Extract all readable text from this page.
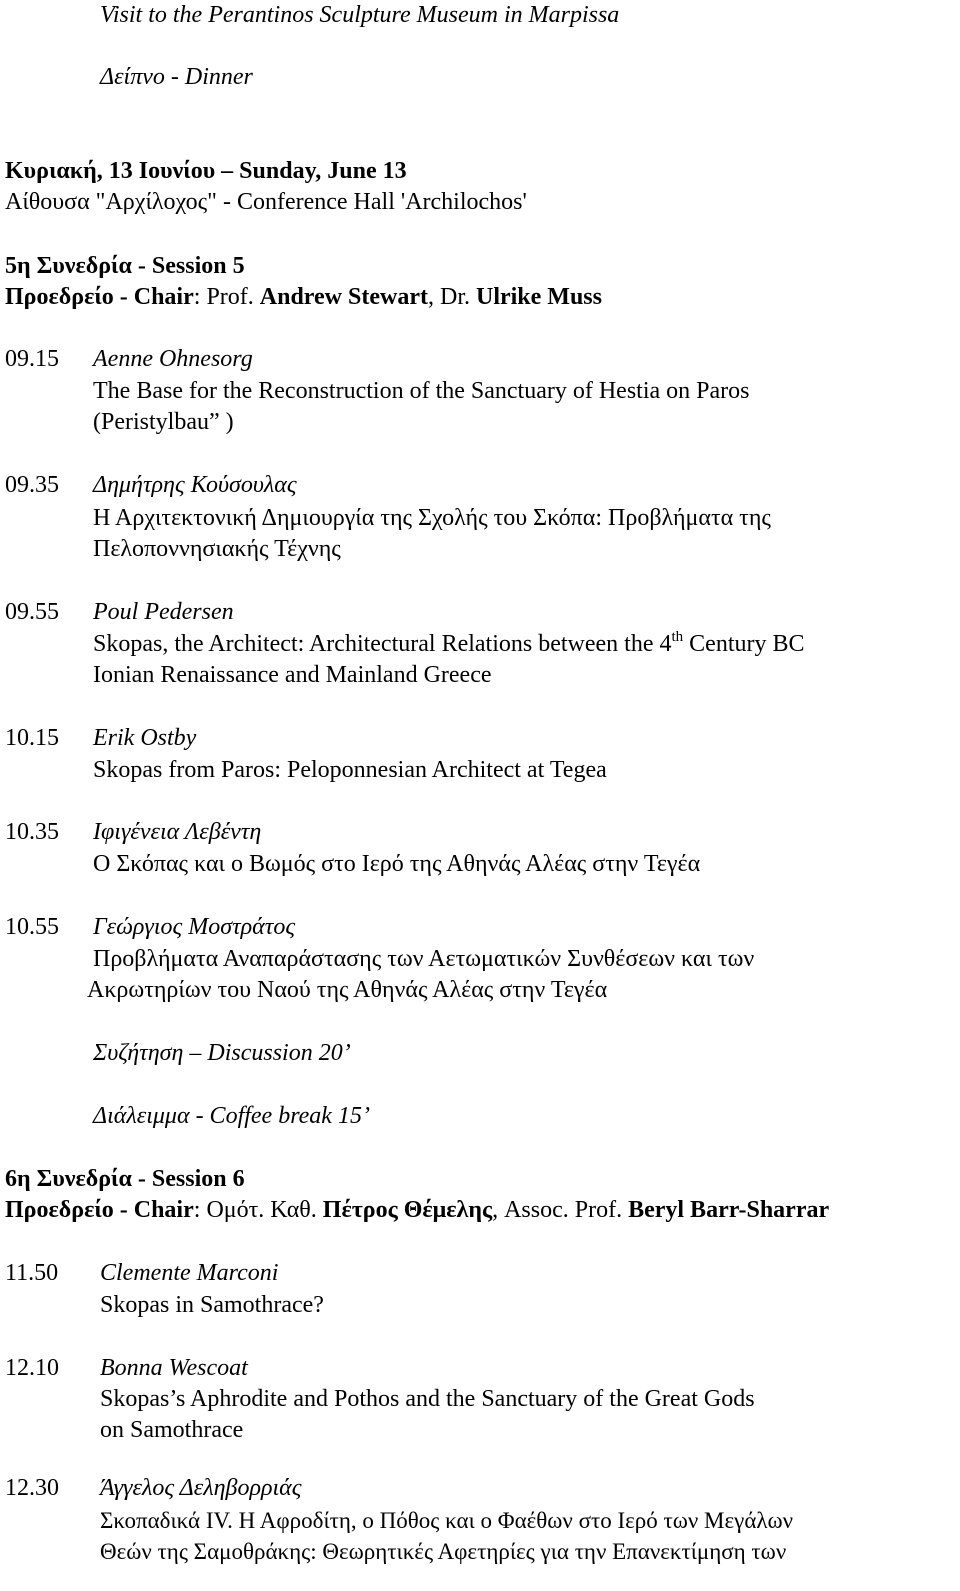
Visit to the Perantinos Sculpture Museum in Marpissa
Δείπνο - Dinner
Κυριακή, 13 Ιουνίου – Sunday, June 13
Αίθουσα "Αρχίλοχος" - Conference Hall 'Archilochos'
5η Συνεδρία - Session 5
Προεδρείο - Chair: Prof. Andrew Stewart, Dr. Ulrike Muss
09.15 Aenne Ohnesorg
The Base for the Reconstruction of the Sanctuary of Hestia on Paros
(Peristylbau” )
09.35 Δημήτρης Κούσουλας
Η Αρχιτεκτονική Δημιουργία της Σχολής του Σκόπα: Προβλήματα της
Πελοποννησιακής Τέχνης
09.55 Poul Pedersen
Skopas, the Architect: Architectural Relations between the 4th Century BC
Ionian Renaissance and Mainland Greece
10.15 Erik Ostby
Skopas from Paros: Peloponnesian Architect at Tegea
10.35 Ιφιγένεια Λεβέντη
Ο Σκόπας και ο Βωμός στο Ιερό της Αθηνάς Αλέας στην Τεγέα
10.55 Γεώργιος Μοστράτος
Προβλήματα Αναπαράστασης των Αετωματικών Συνθέσεων και των
Ακρωτηρίων του Ναού της Αθηνάς Αλέας στην Τεγέα
Συζήτηση – Discussion 20’
Διάλειμμα - Coffee break 15’
6η Συνεδρία - Session 6
Προεδρείο - Chair: Ομότ. Καθ. Πέτρος Θέμελης, Assoc. Prof. Beryl Barr-Sharrar
11.50 Clemente Marconi
Skopas in Samothrace?
12.10 Bonna Wescoat
Skopas’s Aphrodite and Pothos and the Sanctuary of the Great Gods
on Samothrace
12.30 Άγγελος Δεληβορριάς
Σκοπαδικά IV. Η Αφροδίτη, ο Πόθος και ο Φαέθων στο Ιερό των Μεγάλων
Θεών της Σαμοθράκης: Θεωρητικές Αφετηρίες για την Επανεκτίμηση των
